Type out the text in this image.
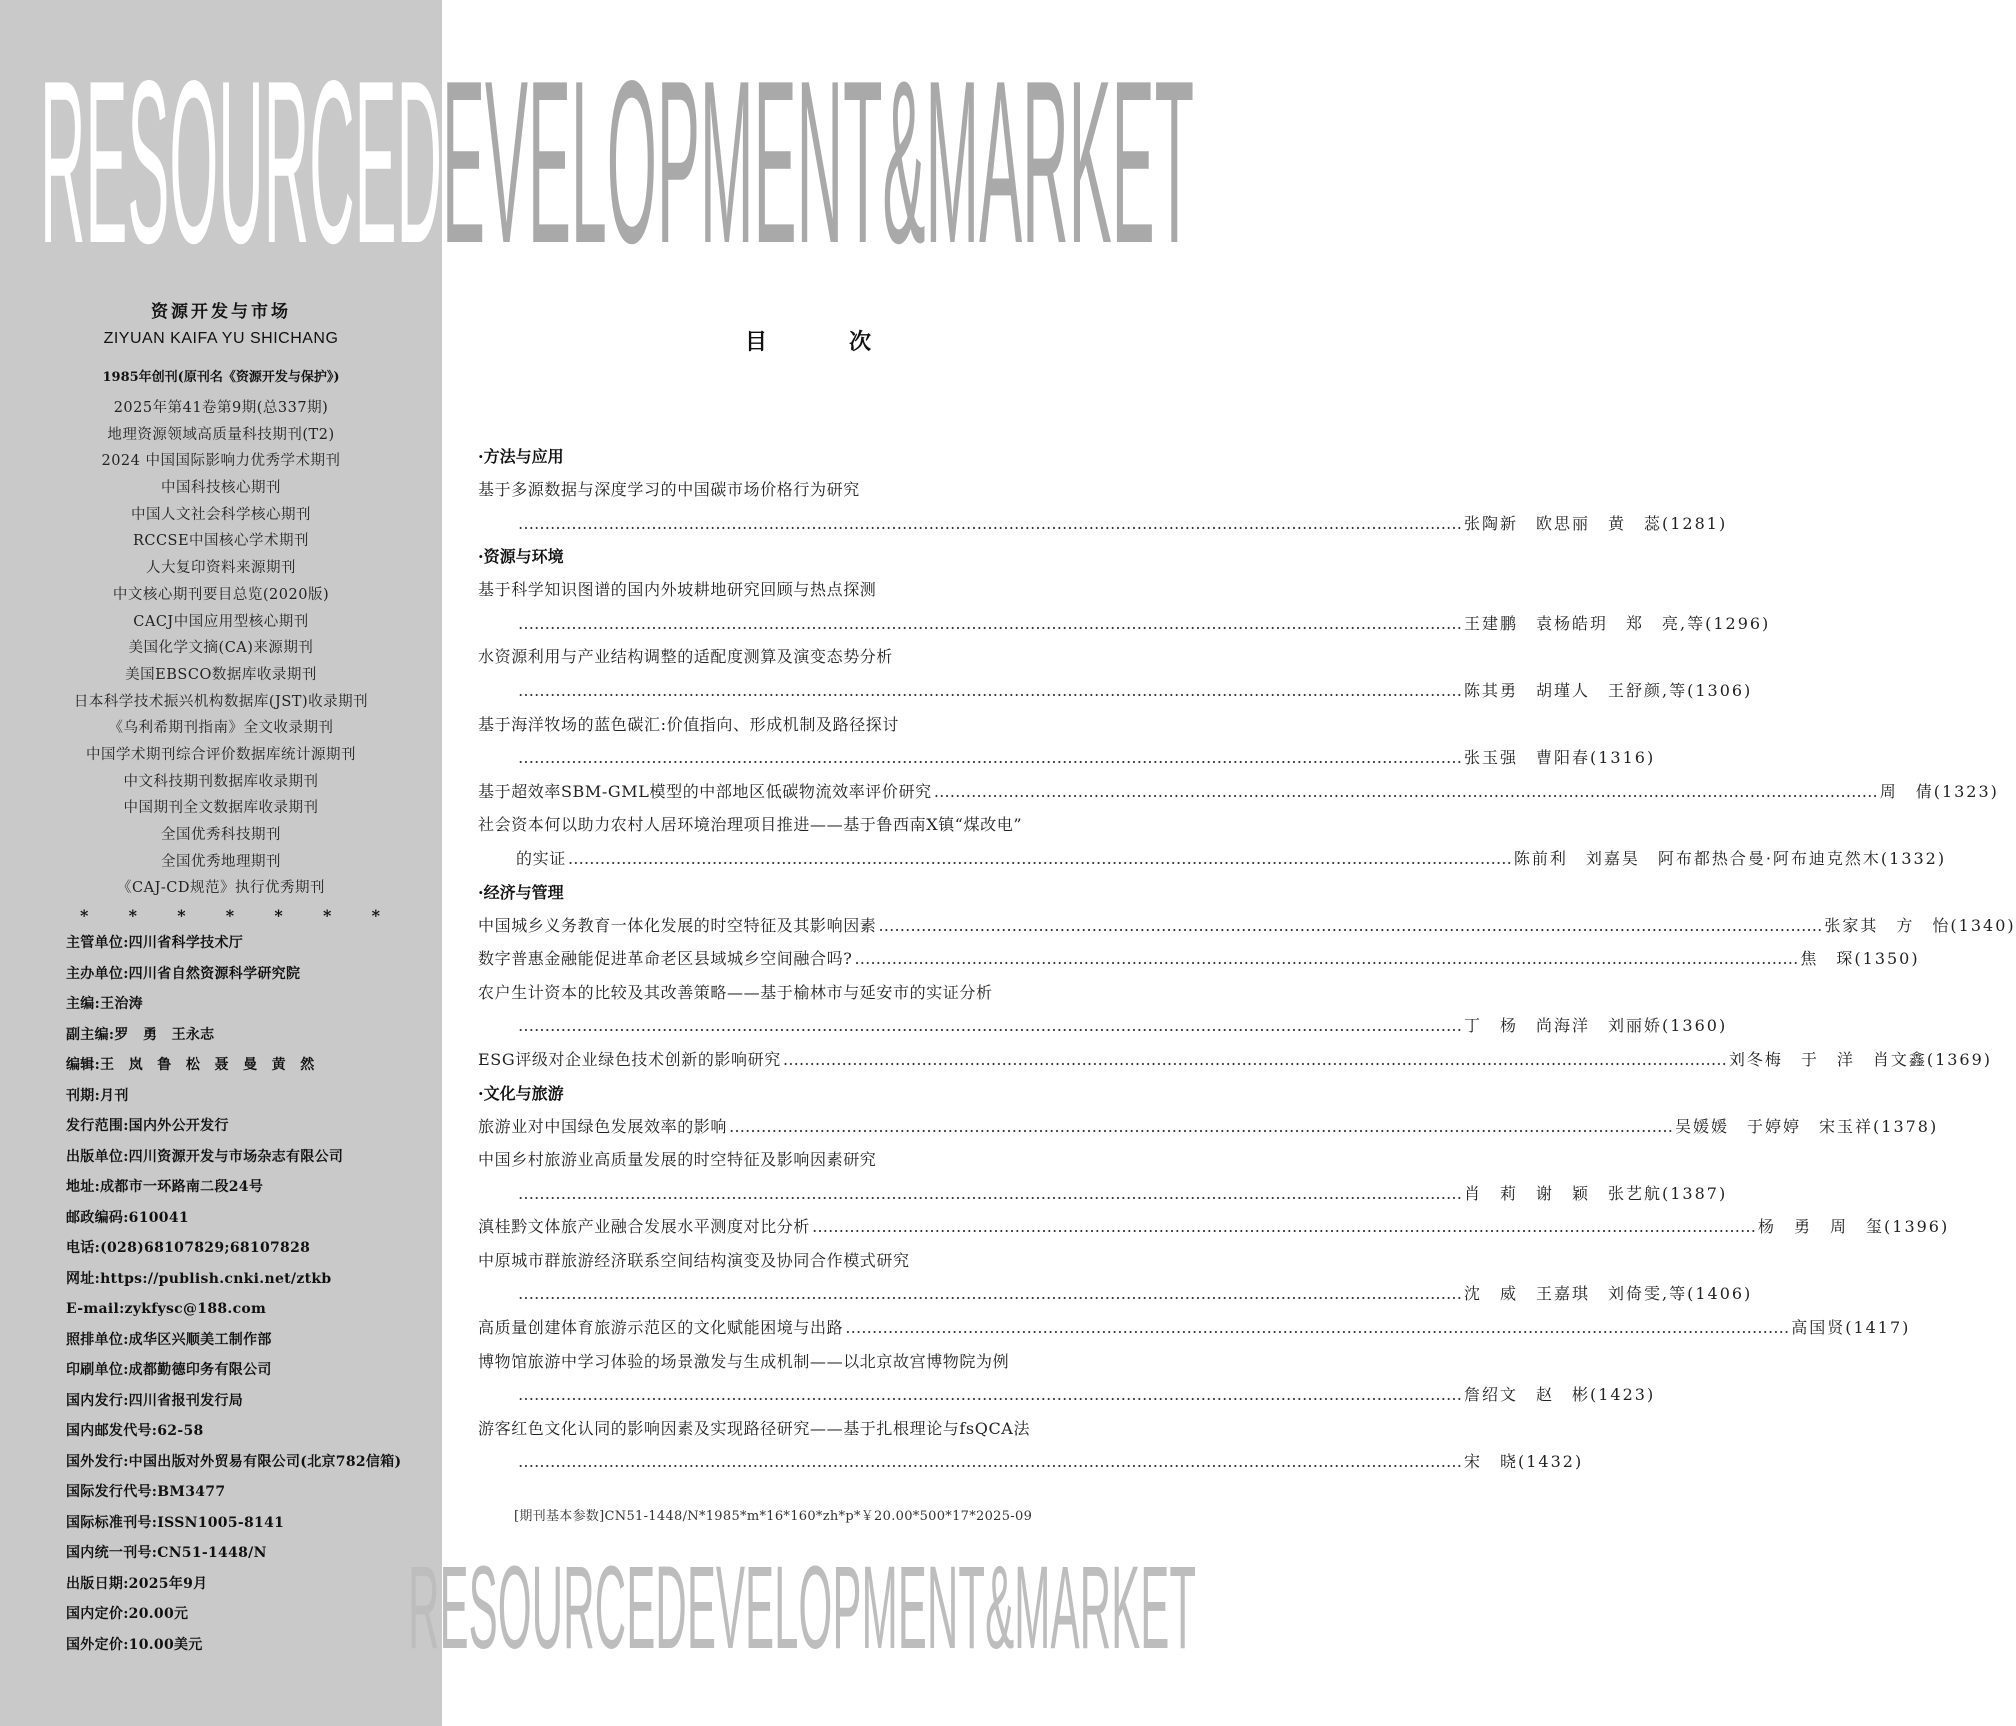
RESOURCED EVELOPMENT&MARKET
资源开发与市场
ZIYUAN KAIFA YU SHICHANG
1985年创刊(原刊名《资源开发与保护》)
2025年第41卷第9期(总337期)
地理资源领域高质量科技期刊(T2)
2024 中国国际影响力优秀学术期刊
中国科技核心期刊
中国人文社会科学核心期刊
RCCSE中国核心学术期刊
人大复印资料来源期刊
中文核心期刊要目总览(2020版)
CACJ中国应用型核心期刊
美国化学文摘(CA)来源期刊
美国EBSCO数据库收录期刊
日本科学技术振兴机构数据库(JST)收录期刊
《乌利希期刊指南》全文收录期刊
中国学术期刊综合评价数据库统计源期刊
中文科技期刊数据库收录期刊
中国期刊全文数据库收录期刊
全国优秀科技期刊
全国优秀地理期刊
《CAJ-CD规范》执行优秀期刊
*	*	*	*	*	*	*
主管单位:四川省科学技术厅
主办单位:四川省自然资源科学研究院
主编:王治涛
副主编:罗　勇　王永志
编辑:王　岚　鲁　松　聂　曼　黄　然
刊期:月刊
发行范围:国内外公开发行
出版单位:四川资源开发与市场杂志有限公司
地址:成都市一环路南二段24号
邮政编码:610041
电话:(028)68107829;68107828
网址:https://publish.cnki.net/ztkb
E-mail:zykfysc@188.com
照排单位:成华区兴顺美工制作部
印刷单位:成都勤德印务有限公司
国内发行:四川省报刊发行局
国内邮发代号:62-58
国外发行:中国出版对外贸易有限公司(北京782信箱)
国际发行代号:BM3477
国际标准刊号:ISSN1005-8141
国内统一刊号:CN51-1448/N
出版日期:2025年9月
国内定价:20.00元
国外定价:10.00美元
目　次
·方法与应用
基于多源数据与深度学习的中国碳市场价格行为研究
……………………………………………………………………………………………………………………………………………………………
张陶新　欧思丽　黄　蕊(1281)
·资源与环境
基于科学知识图谱的国内外坡耕地研究回顾与热点探测
……………………………………………………………………………………………………………………………………………………………
王建鹏　袁杨皓玥　郑　亮,等(1296)
水资源利用与产业结构调整的适配度测算及演变态势分析
……………………………………………………………………………………………………………………………………………………………
陈其勇　胡瑾人　王舒颜,等(1306)
基于海洋牧场的蓝色碳汇:价值指向、形成机制及路径探讨
……………………………………………………………………………………………………………………………………………………………
张玉强　曹阳春(1316)
基于超效率SBM-GML模型的中部地区低碳物流效率评价研究 ……………………………………………………………………………………………………………………………………………………………	周　倩(1323)
社会资本何以助力农村人居环境治理项目推进——基于鲁西南X镇“煤改电”
的实证 ……………………………………………………………………………………………………………………………………………………………	陈前利　刘嘉昊　阿布都热合曼·阿布迪克然木(1332)
·经济与管理
中国城乡义务教育一体化发展的时空特征及其影响因素 ……………………………………………………………………………………………………………………………………………………………	张家其　方　怡(1340)
数字普惠金融能促进革命老区县域城乡空间融合吗? ……………………………………………………………………………………………………………………………………………………………	焦　琛(1350)
农户生计资本的比较及其改善策略——基于榆林市与延安市的实证分析
……………………………………………………………………………………………………………………………………………………………
丁　杨　尚海洋　刘丽娇(1360)
ESG评级对企业绿色技术创新的影响研究 ……………………………………………………………………………………………………………………………………………………………	刘冬梅　于　洋　肖文鑫(1369)
·文化与旅游
旅游业对中国绿色发展效率的影响 ……………………………………………………………………………………………………………………………………………………………	吴媛媛　于婷婷　宋玉祥(1378)
中国乡村旅游业高质量发展的时空特征及影响因素研究
……………………………………………………………………………………………………………………………………………………………
肖　莉　谢　颖　张艺航(1387)
滇桂黔文体旅产业融合发展水平测度对比分析 ……………………………………………………………………………………………………………………………………………………………	杨　勇　周　玺(1396)
中原城市群旅游经济联系空间结构演变及协同合作模式研究
……………………………………………………………………………………………………………………………………………………………
沈　威　王嘉琪　刘倚雯,等(1406)
高质量创建体育旅游示范区的文化赋能困境与出路 ……………………………………………………………………………………………………………………………………………………………	高国贤(1417)
博物馆旅游中学习体验的场景激发与生成机制——以北京故宫博物院为例
……………………………………………………………………………………………………………………………………………………………
詹绍文　赵　彬(1423)
游客红色文化认同的影响因素及实现路径研究——基于扎根理论与fsQCA法
……………………………………………………………………………………………………………………………………………………………
宋　晓(1432)
[期刊基本参数]CN51-1448/N*1985*m*16*160*zh*p*￥20.00*500*17*2025-09
RESOURCEDEVELOPMENT&MARKET
